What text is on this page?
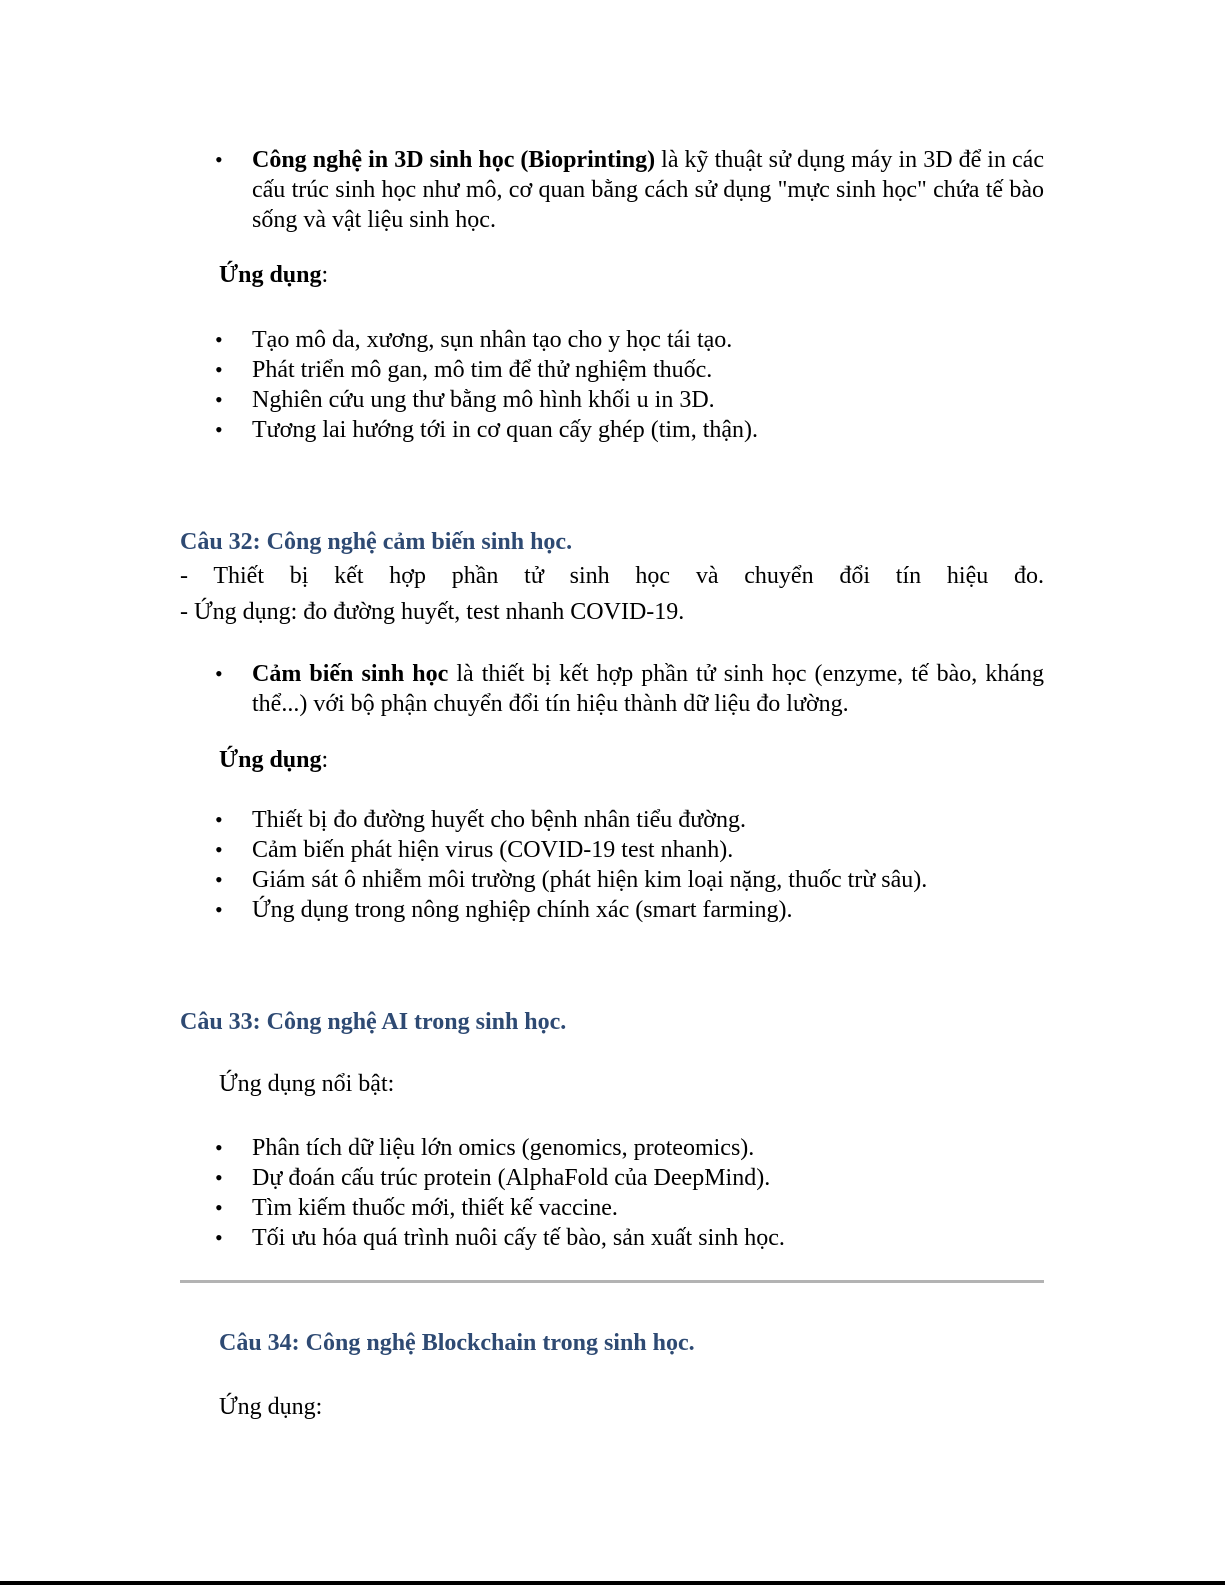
• Công nghệ in 3D sinh học (Bioprinting) là kỹ thuật sử dụng máy in 3D để in các cấu trúc sinh học như mô, cơ quan bằng cách sử dụng "mực sinh học" chứa tế bào sống và vật liệu sinh học.
Ứng dụng:
• Tạo mô da, xương, sụn nhân tạo cho y học tái tạo.
• Phát triển mô gan, mô tim để thử nghiệm thuốc.
• Nghiên cứu ung thư bằng mô hình khối u in 3D.
• Tương lai hướng tới in cơ quan cấy ghép (tim, thận).
Câu 32: Công nghệ cảm biến sinh học.
- Thiết bị kết hợp phần tử sinh học và chuyển đổi tín hiệu đo.
- Ứng dụng: đo đường huyết, test nhanh COVID-19.
• Cảm biến sinh học là thiết bị kết hợp phần tử sinh học (enzyme, tế bào, kháng thể...) với bộ phận chuyển đổi tín hiệu thành dữ liệu đo lường.
Ứng dụng:
• Thiết bị đo đường huyết cho bệnh nhân tiểu đường.
• Cảm biến phát hiện virus (COVID-19 test nhanh).
• Giám sát ô nhiễm môi trường (phát hiện kim loại nặng, thuốc trừ sâu).
• Ứng dụng trong nông nghiệp chính xác (smart farming).
Câu 33: Công nghệ AI trong sinh học.
Ứng dụng nổi bật:
• Phân tích dữ liệu lớn omics (genomics, proteomics).
• Dự đoán cấu trúc protein (AlphaFold của DeepMind).
• Tìm kiếm thuốc mới, thiết kế vaccine.
• Tối ưu hóa quá trình nuôi cấy tế bào, sản xuất sinh học.
Câu 34: Công nghệ Blockchain trong sinh học.
Ứng dụng:
